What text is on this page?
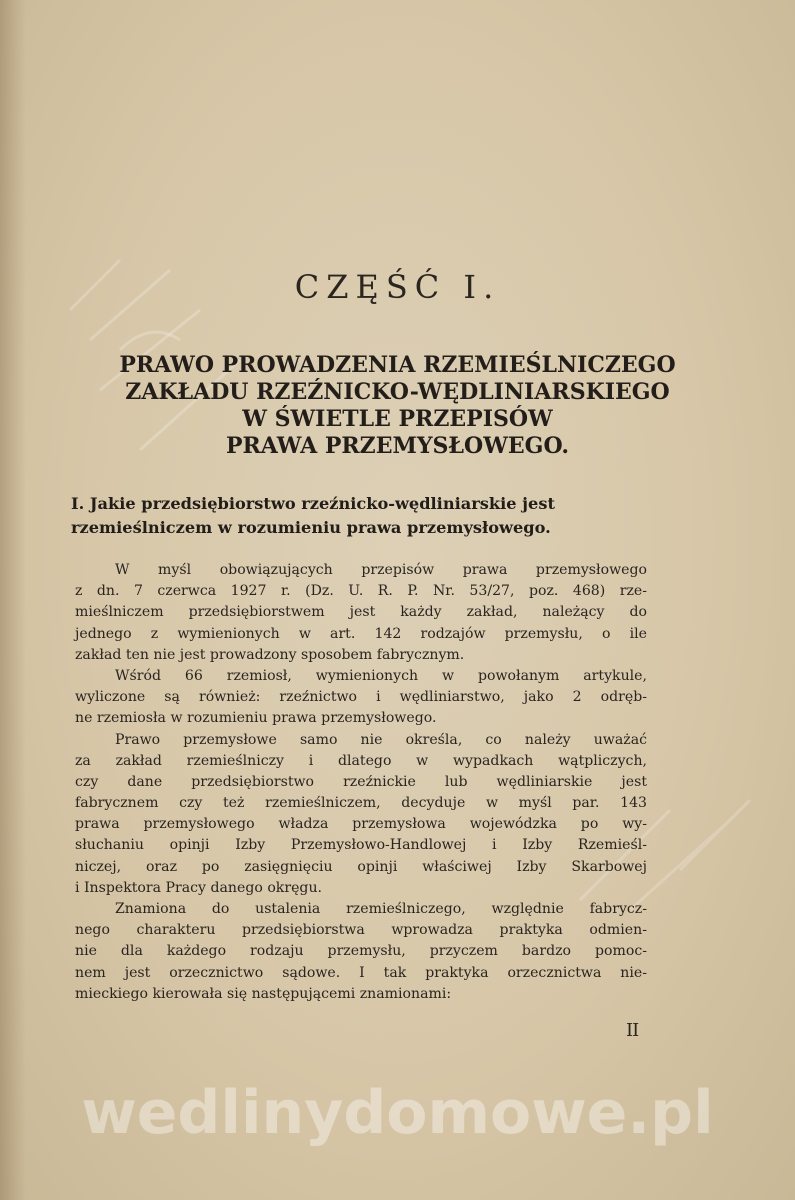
CZĘŚĆ I.
PRAWO PROWADZENIA RZEMIEŚLNICZEGO
ZAKŁADU RZEŹNICKO-WĘDLINIARSKIEGO
W ŚWIETLE PRZEPISÓW
PRAWA PRZEMYSŁOWEGO.
I. Jakie przedsiębiorstwo rzeźnicko-wędliniarskie jest
rzemieślniczem w rozumieniu prawa przemysłowego.
W myśl obowiązujących przepisów prawa przemysłowego
z dn. 7 czerwca 1927 r. (Dz. U. R. P. Nr. 53/27, poz. 468) rze-
mieślniczem przedsiębiorstwem jest każdy zakład, należący do
jednego z wymienionych w art. 142 rodzajów przemysłu, o ile
zakład ten nie jest prowadzony sposobem fabrycznym.
Wśród 66 rzemiosł, wymienionych w powołanym artykule,
wyliczone są również: rzeźnictwo i wędliniarstwo, jako 2 odręb-
ne rzemiosła w rozumieniu prawa przemysłowego.
Prawo przemysłowe samo nie określa, co należy uważać
za zakład rzemieślniczy i dlatego w wypadkach wątpliczych,
czy dane przedsiębiorstwo rzeźnickie lub wędliniarskie jest
fabrycznem czy też rzemieślniczem, decyduje w myśl par. 143
prawa przemysłowego władza przemysłowa wojewódzka po wy-
słuchaniu opinji Izby Przemysłowo-Handlowej i Izby Rzemieśl-
niczej, oraz po zasięgnięciu opinji właściwej Izby Skarbowej
i Inspektora Pracy danego okręgu.
Znamiona do ustalenia rzemieślniczego, względnie fabrycz-
nego charakteru przedsiębiorstwa wprowadza praktyka odmien-
nie dla każdego rodzaju przemysłu, przyczem bardzo pomoc-
nem jest orzecznictwo sądowe. I tak praktyka orzecznictwa nie-
mieckiego kierowała się następującemi znamionami:
II
wedlinydomowe.pl
